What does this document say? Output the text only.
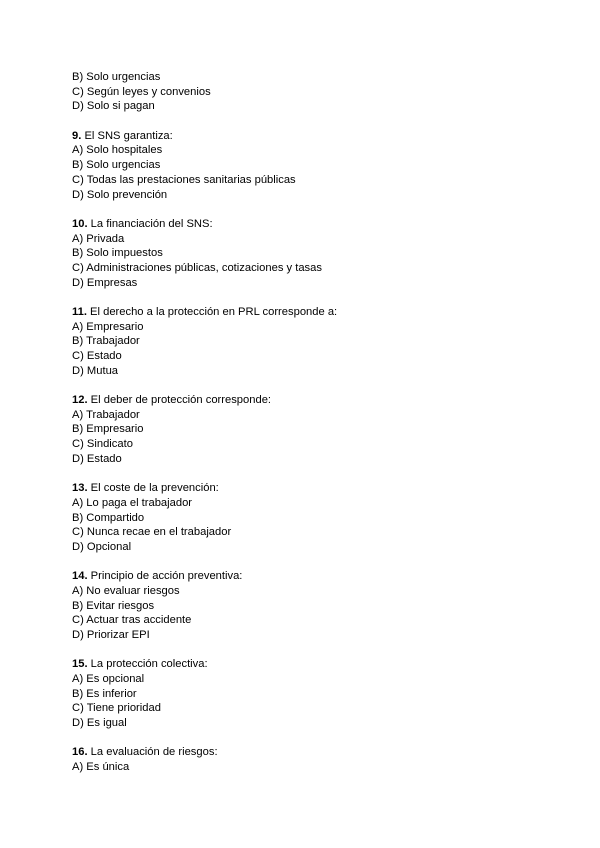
B) Solo urgencias
C) Según leyes y convenios
D) Solo si pagan
9. El SNS garantiza:
A) Solo hospitales
B) Solo urgencias
C) Todas las prestaciones sanitarias públicas
D) Solo prevención
10. La financiación del SNS:
A) Privada
B) Solo impuestos
C) Administraciones públicas, cotizaciones y tasas
D) Empresas
11. El derecho a la protección en PRL corresponde a:
A) Empresario
B) Trabajador
C) Estado
D) Mutua
12. El deber de protección corresponde:
A) Trabajador
B) Empresario
C) Sindicato
D) Estado
13. El coste de la prevención:
A) Lo paga el trabajador
B) Compartido
C) Nunca recae en el trabajador
D) Opcional
14. Principio de acción preventiva:
A) No evaluar riesgos
B) Evitar riesgos
C) Actuar tras accidente
D) Priorizar EPI
15. La protección colectiva:
A) Es opcional
B) Es inferior
C) Tiene prioridad
D) Es igual
16. La evaluación de riesgos:
A) Es única
